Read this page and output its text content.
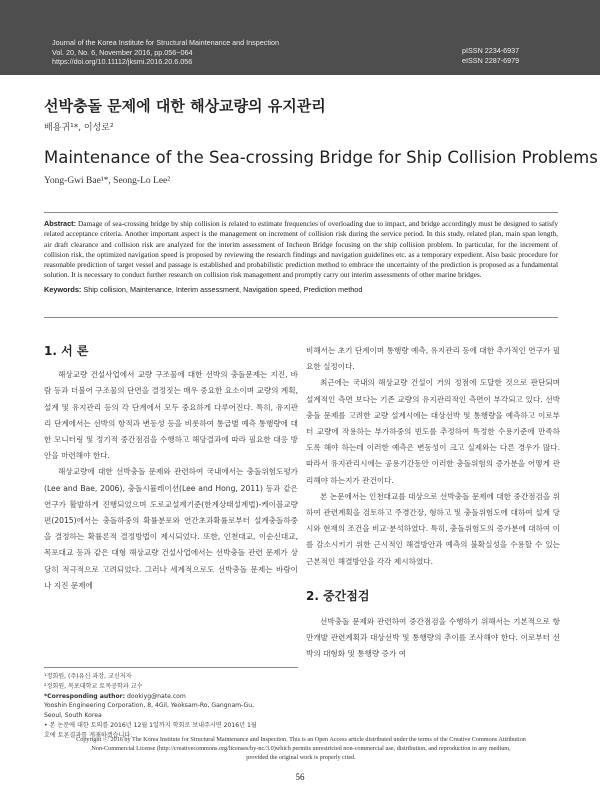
Journal of the Korea Institute for Structural Maintenance and Inspection
Vol. 20, No. 6, November 2016, pp.056~064
https://doi.org/10.11112/jksmi.2016.20.6.056
pISSN 2234-6937
eISSN 2287-6979
선박충돌 문제에 대한 해상교량의 유지관리
배용귀¹*, 이성로²
Maintenance of the Sea-crossing Bridge for Ship Collision Problems
Yong-Gwi Bae¹*, Seong-Lo Lee²

Abstract: Damage of sea-crossing bridge by ship collision is related to estimate frequencies of overloading due to impact, and bridge accordingly must be designed to satisfy related acceptance criteria. Another important aspect is the management on increment of collision risk during the service period. In this study, related plan, main span length, air draft clearance and collision risk are analyzed for the interim assessment of Incheon Bridge focusing on the ship collision problem. In particular, for the increment of collision risk, the optimized navigation speed is proposed by reviewing the research findings and navigation guidelines etc. as a temporary expedient. Also basic procedure for reasonable prediction of target vessel and passage is established and probabilistic prediction method to embrace the uncertainty of the prediction is proposed as a fundamental solution. It is necessary to conduct further research on collision risk management and promptly carry out interim assessments of other marine bridges.

Keywords: Ship collision, Maintenance, Interim assessment, Navigation speed, Prediction method

1. 서 론

해상교량 건설사업에서 교량 구조물에 대한 선박의 충돌문제는 지진, 바람 등과 더불어 구조물의 단면을 결정짓는 매우 중요한 요소이며 교량의 계획, 설계 및 유지관리 등의 각 단계에서 모두 중요하게 다루어진다. 특히, 유지관리 단계에서는 선박의 항적과 변동성 등을 비롯하여 통급별 예측 통행량에 대한 모니터링 및 정기적 중간점검을 수행하고 해당결과에 따라 필요한 대응 방안을 마련해야 한다.

해상교량에 대한 선박충돌 문제와 관련하여 국내에서는 충돌위험도평가(Lee and Bae, 2006), 충돌시뮬레이션(Lee and Hong, 2011) 등과 같은 연구가 활발하게 진행되었으며 도로교설계기준(한계상태설계법)-케이블교량편(2015)에서는 충돌하중의 확률분포와 연간초과확률로부터 설계충돌하중을 결정하는 확률론적 결정방법이 제시되었다. 또한, 인천대교, 이순신대교, 목포대교 등과 같은 대형 해상교량 건설사업에서는 선박충돌 관련 문제가 상당히 적극적으로 고려되었다. 그러나 세계적으로도 선박충돌 문제는 바람이나 지진 문제에

¹정회원, (주)유신 과장, 교신저자
²정회원, 목포대학교 토목공학과 교수
*Corresponding author: dookiyg@nate.com
Yooshin Engineering Corporation, 8, 4Gil, Yeoksam-Ro, Gangnam-Gu,
Seoul, South Korea
• 본 논문에 대한 토의를 2016년 12월 1일까지 학회로 보내주시면 2016년 1월
호에 토론결과를 게재하겠습니다.

비해서는 초기 단계이며 통행량 예측, 유지관리 등에 대한 추가적인 연구가 필요한 실정이다.

최근에는 국내의 해상교량 건설이 거의 정점에 도달한 것으로 판단되며 설계적인 측면 보다는 기존 교량의 유지관리적인 측면이 부각되고 있다. 선박충돌 문제를 고려한 교량 설계시에는 대상선박 및 통행량을 예측하고 이로부터 교량에 작용하는 부가하중의 빈도를 추정하여 특정한 수용기준에 만족하도록 해야 하는데 이러한 예측은 변동성이 크고 실제와는 다른 경우가 많다. 따라서 유지관리시에는 공용기간동안 이러한 충돌위험의 증가분을 어떻게 관리해야 하는지가 관건이다.

본 논문에서는 인천대교를 대상으로 선박충돌 문제에 대한 중간점검을 위하여 관련계획을 검토하고 주경간장, 형하고 및 충돌위험도에 대하여 설계 당시와 현재의 조건을 비교·분석하였다. 특히, 충돌위험도의 증가분에 대하여 이를 감소시키기 위한 근시적인 해결방안과 예측의 불확실성을 수용할 수 있는 근본적인 해결방안을 각각 제시하였다.

2. 중간점검

선박충돌 문제와 관련하여 중간점검을 수행하기 위해서는 기본적으로 항만개발 관련계획과 대상선박 및 통행량의 추이를 조사해야 한다. 이로부터 선박의 대형화 및 통행량 증가 여

Copyright ⓒ 2016 by The Korea Institute for Structural Maintenance and Inspection. This is an Open Access article distributed under the terms of the Creative Commons Attribution
Non-Commercial License (http://creativecommons.org/licenses/by-nc/3.0)which permits unrestricted non-commercial use, distribution, and reproduction in any medium,
provided the original work is properly cited.
56
